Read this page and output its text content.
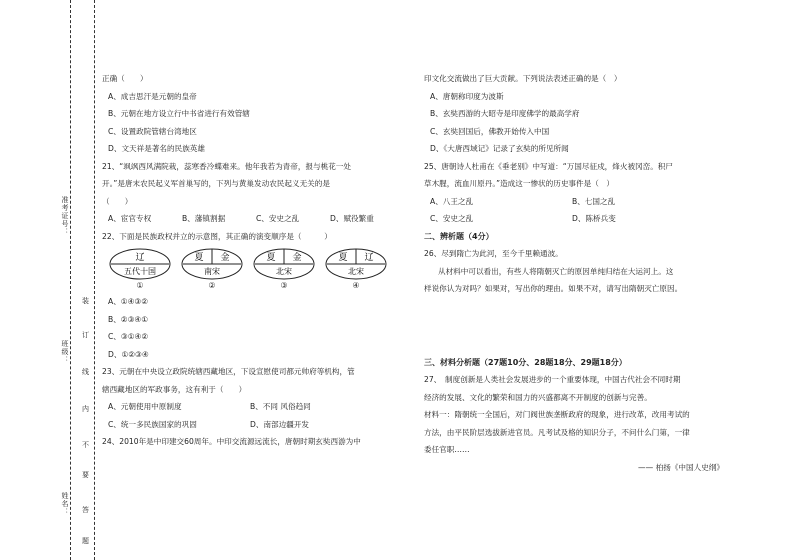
准考证号：
班级：
姓名：
装
订
线
内
不
要
答
题

正确（　　）

A、成吉思汗是元朝的皇帝

B、元朝在地方设立行中书省进行有效管辖

C、设置政院管辖台湾地区

D、文天祥是著名的民族英雄

21、“飒飒西风满院栽，蕊寒香冷蝶难来。他年我若为青帝，报与桃花一处

开。”是唐末农民起义军首巢写的，下列与黄巢发动农民起义无关的是

（　　）

A、宦官专权	B、藩镇割据	C、安史之乱	D、赋役繁重

22、下面是民族政权并立的示意图，其正确的演变顺序是（　　　）

辽
五代十国
①
夏 金
南宋
②
夏 金
北宋
③
夏 辽
北宋
④

A、①④③②

B、②③④①

C、③①④②

D、①②③④

23、元朝在中央设立政院统辖西藏地区，下设宣慰使司都元帅府等机构，管

辖西藏地区的军政事务，这有利于（　　）

A、元朝使用中原制度	B、不同 风俗趋同
C、统一多民族国家的巩固	D、南部边疆开发

24、2010年是中印建交60周年。中印交流源远流长，唐朝时期玄奘西游为中

印文化交流做出了巨大贡献。下列说法表述正确的是（　）

A、唐朝称印度为波斯

B、玄奘西游的大昭寺是印度佛学的最高学府

C、玄奘回国后，佛教开始传入中国

D、《大唐西域记》记录了玄奘的所见所闻

25、唐朝诗人杜甫在《垂老别》中写道：“万国尽征戍，烽火被冈峦。积尸

草木腥，流血川原丹。”造成这一惨状的历史事件是（　）

A、八王之乱	B、七国之乱
C、安史之乱	D、陈桥兵变

二、辨析题（4分）

26、尽到隋亡为此河，至今千里赖通波。

从材料中可以看出，有些人将隋朝灭亡的原因单纯归结在大运河上。这

样说你认为对吗？如果对，写出你的理由。如果不对，请写出隋朝灭亡原因。

三、材料分析题（27题10分、28题18分、29题18分）

27、　制度创新是人类社会发展进步的一个重要体现，中国古代社会不同时期

经济的发展、文化的繁荣和国力的兴盛都离不开制度的创新与完善。

材料一：隋朝统一全国后，对门阀世族垄断政府的现象，进行改革，改用考试的

方法，由平民阶层选拔新进官员。凡考试及格的知识分子，不问什么门第，一律

委任官职……

—— 柏扬《中国人史纲》
